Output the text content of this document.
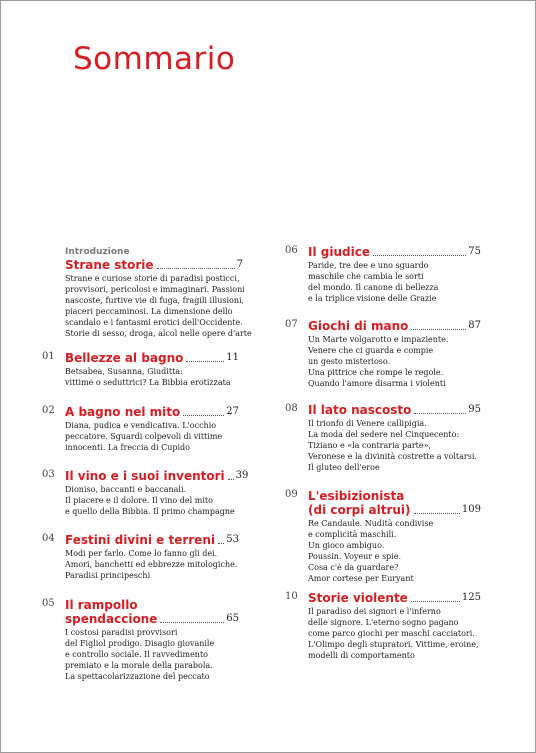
Sommario
Introduzione
Strane storie	7
Strane e curiose storie di paradisi posticci,
provvisori, pericolosi e immaginari. Passioni
nascoste, furtive vie di fuga, fragili illusioni,
piaceri peccaminosi. La dimensione dello
scandalo e i fantasmi erotici dell'Occidente.
Storie di sesso, droga, alcol nelle opere d'arte
01 Bellezze al bagno	11
Betsabea, Susanna, Giuditta:
vittime o seduttrici? La Bibbia erotizzata
02 A bagno nel mito	27
Diana, pudica e vendicativa. L'occhio
peccatore. Sguardi colpevoli di vittime
innocenti. La freccia di Cupido
03 Il vino e i suoi inventori 39
Dioniso, baccanti e baccanali.
Il piacere e il dolore. Il vino del mito
e quello della Bibbia. Il primo champagne
04 Festini divini e terreni 53
Modi per farlo. Come lo fanno gli dei.
Amori, banchetti ed ebbrezze mitologiche.
Paradisi principeschi
05 Il rampollo
spendaccione	65
I costosi paradisi provvisori
del Figliol prodigo. Disagio giovanile
e controllo sociale. Il ravvedimento
premiato e la morale della parabola.
La spettacolarizzazione del peccato
06 Il giudice	75
Paride, tre dee e uno sguardo
maschile che cambia le sorti
del mondo. Il canone di bellezza
e la triplice visione delle Grazie
07 Giochi di mano	87
Un Marte volgarotto e impaziente.
Venere che ci guarda e compie
un gesto misterioso.
Una pittrice che rompe le regole.
Quando l'amore disarma i violenti
08 Il lato nascosto	95
Il trionfo di Venere callipigia.
La moda del sedere nel Cinquecento:
Tiziano e «la contraria parte»,
Veronese e la divinità costrette a voltarsi.
Il gluteo dell'eroe
09 L'esibizionista
(di corpi altrui)	109
Re Candaule. Nudità condivise
e complicità maschili.
Un gioco ambiguo.
Poussin. Voyeur e spie.
Cosa c'è da guardare?
Amor cortese per Euryant
10 Storie violente	125
Il paradiso dei signori e l'inferno
delle signore. L'eterno sogno pagano
come parco giochi per maschi cacciatori.
L'Olimpo degli stupratori. Vittime, eroine,
modelli di comportamento
